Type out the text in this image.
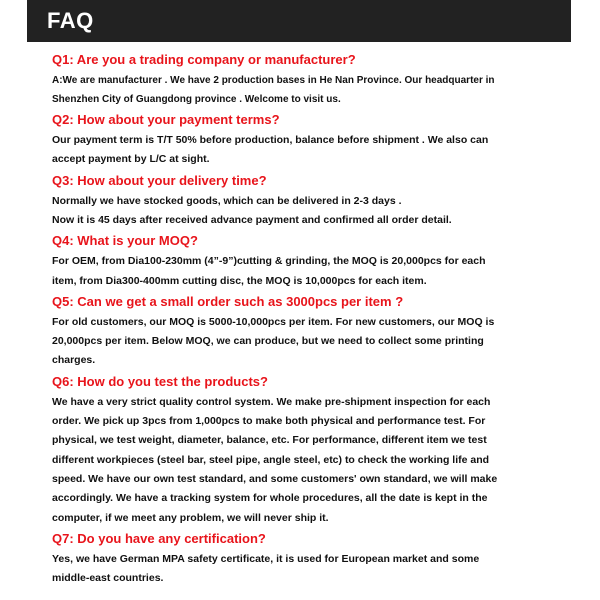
FAQ
Q1: Are you a trading company or manufacturer?
A:We are manufacturer . We have 2 production bases in He Nan Province. Our headquarter in
Shenzhen City of Guangdong province . Welcome to visit us.
Q2: How about your payment terms?
Our payment term is T/T 50% before production, balance before shipment . We also can
accept payment by L/C at sight.
Q3: How about your delivery time?
Normally we have stocked goods, which can be delivered in 2-3 days .
Now it is 45 days after received advance payment and confirmed all order detail.
Q4: What is your MOQ?
For OEM, from Dia100-230mm (4”-9”)cutting & grinding, the MOQ is 20,000pcs for each
item, from Dia300-400mm cutting disc, the MOQ is 10,000pcs for each item.
Q5: Can we get a small order such as 3000pcs per item ?
For old customers, our MOQ is 5000-10,000pcs per item. For new customers, our MOQ is
20,000pcs per item. Below MOQ, we can produce, but we need to collect some printing
charges.
Q6: How do you test the products?
We have a very strict quality control system. We make pre-shipment inspection for each
order. We pick up 3pcs from 1,000pcs to make both physical and performance test. For
physical, we test weight, diameter, balance, etc. For performance, different item we test
different workpieces (steel bar, steel pipe, angle steel, etc) to check the working life and
speed. We have our own test standard, and some customers' own standard, we will make
accordingly. We have a tracking system for whole procedures, all the date is kept in the
computer, if we meet any problem, we will never ship it.
Q7: Do you have any certification?
Yes, we have German MPA safety certificate, it is used for European market and some
middle-east countries.
